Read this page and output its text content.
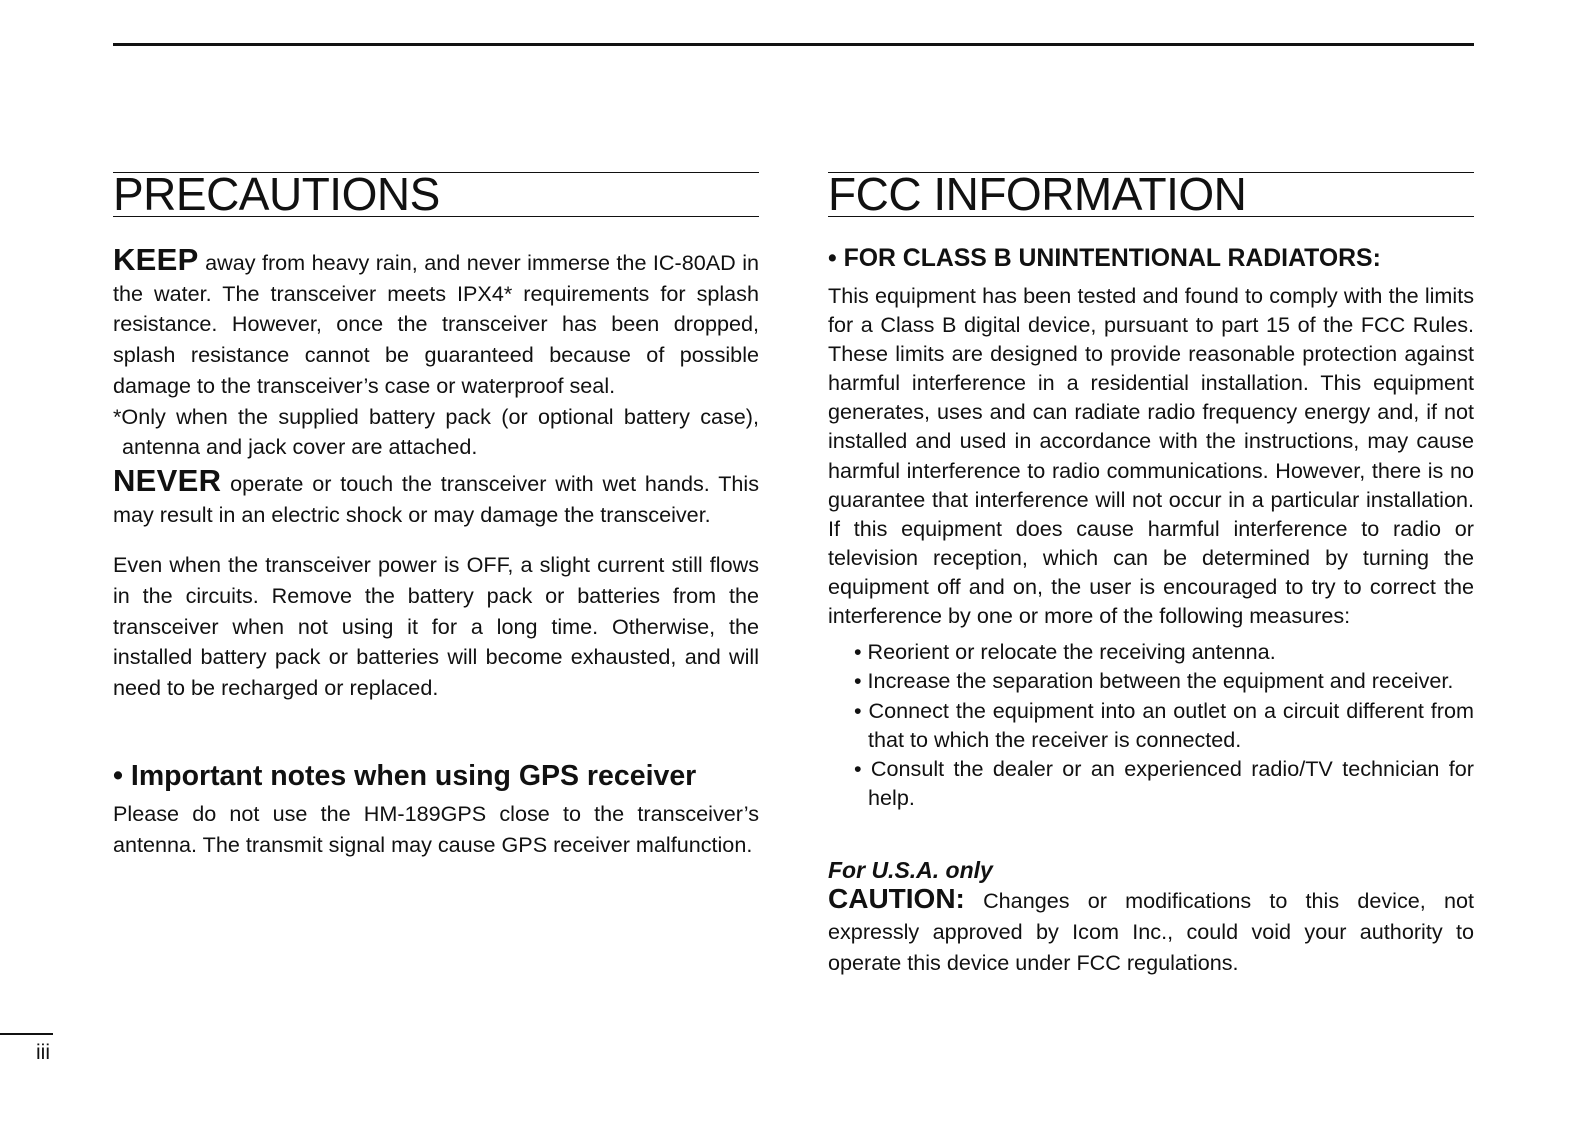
PRECAUTIONS

KEEP away from heavy rain, and never immerse the IC-80AD in the water. The transceiver meets IPX4* requirements for splash resistance. However, once the transceiver has been dropped, splash resistance cannot be guaranteed because of possible damage to the transceiver’s case or waterproof seal.

*Only when the supplied battery pack (or optional battery case), antenna and jack cover are attached.

NEVER operate or touch the transceiver with wet hands. This may result in an electric shock or may damage the transceiver.

Even when the transceiver power is OFF, a slight current still flows in the circuits. Remove the battery pack or batteries from the transceiver when not using it for a long time. Otherwise, the installed battery pack or batteries will become exhausted, and will need to be recharged or replaced.

• Important notes when using GPS receiver

Please do not use the HM-189GPS close to the transceiver’s antenna. The transmit signal may cause GPS receiver malfunction.

FCC INFORMATION

• FOR CLASS B UNINTENTIONAL RADIATORS:

This equipment has been tested and found to comply with the limits for a Class B digital device, pursuant to part 15 of the FCC Rules. These limits are designed to provide reasonable protection against harmful interference in a residential installation. This equipment generates, uses and can radiate radio frequency energy and, if not installed and used in accordance with the instructions, may cause harmful interference to radio communications. However, there is no guarantee that interference will not occur in a particular installation. If this equipment does cause harmful interference to radio or television reception, which can be determined by turning the equipment off and on, the user is encouraged to try to correct the interference by one or more of the following measures:

• Reorient or relocate the receiving antenna.
• Increase the separation between the equipment and receiver.
• Connect the equipment into an outlet on a circuit different from that to which the receiver is connected.
• Consult the dealer or an experienced radio/TV technician for help.

For U.S.A. only

CAUTION: Changes or modifications to this device, not expressly approved by Icom Inc., could void your authority to operate this device under FCC regulations.

iii
